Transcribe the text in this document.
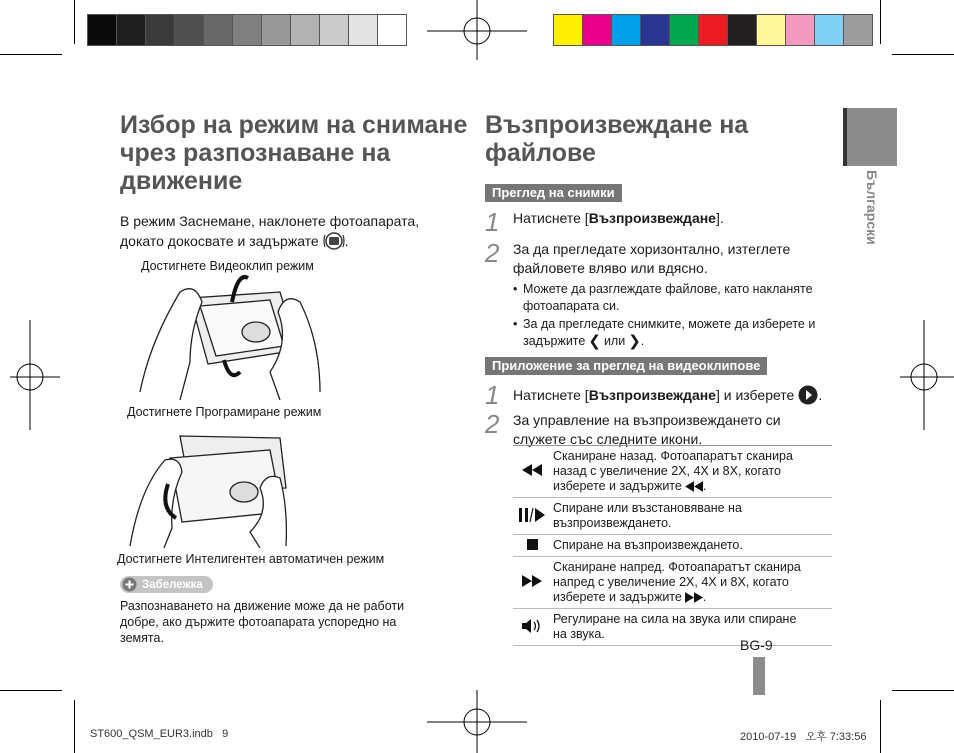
Избор на режим на снимане
чрез разпознаване на
движение
В режим Заснемане, наклонете фотоапарата,
докато докосвате и задържате .
Достигнете Видеоклип режим
Достигнете Програмиране режим
Достигнете Интелигентен автоматичен режим
Забележка
Разпознаването на движение може да не работи
добре, ако държите фотоапарата успоредно на
земята.
Възпроизвеждане на
файлове
Преглед на снимки
1 Натиснете [Възпроизвеждане].
2 За да прегледате хоризонтално, изтеглете
файловете вляво или вдясно.
• Можете да разглеждате файлове, като накланяте
фотоапарата си.
• За да прегледате снимките, можете да изберете и
задържите ❮ или ❯ .
Приложение за преглед на видеоклипове
1 Натиснете [Възпроизвеждане] и изберете .
2 За управление на възпроизвеждането си
служете със следните икони.

Сканиране назад. Фотоапаратът сканира
назад с увеличение 2X, 4X и 8X, когато
изберете и задържите .

Спиране или възстановяване на
възпроизвеждането.

Спиране на възпроизвеждането.

Сканиране напред. Фотоапаратът сканира
напред с увеличение 2X, 4X и 8X, когато
изберете и задържите .

Регулиране на сила на звука или спиране
на звука.
Български
BG-9
ST600_QSM_EUR3.indb   9	2010-07-19   오후 7:33:56
